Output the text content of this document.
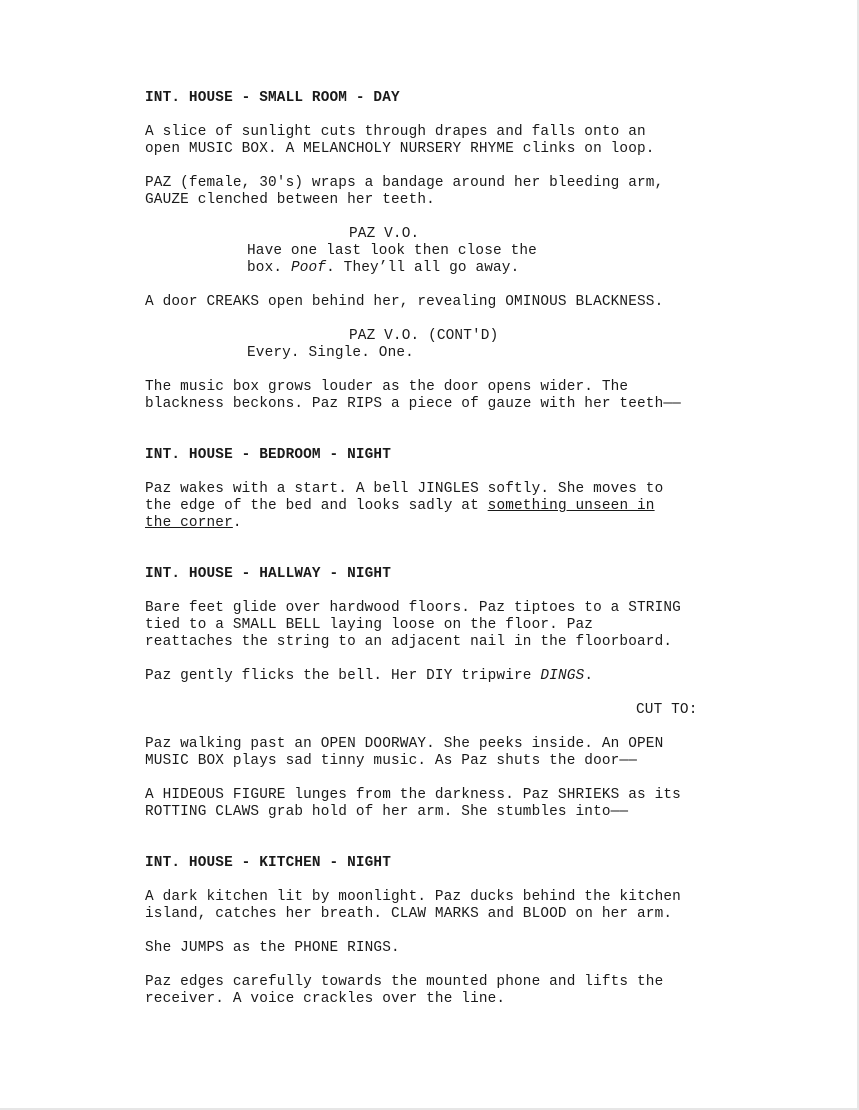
INT. HOUSE - SMALL ROOM - DAY

A slice of sunlight cuts through drapes and falls onto an
open MUSIC BOX. A MELANCHOLY NURSERY RHYME clinks on loop.

PAZ (female, 30's) wraps a bandage around her bleeding arm,
GAUZE clenched between her teeth.

PAZ V.O.

Have one last look then close the

box. Poof. They’ll all go away.

A door CREAKS open behind her, revealing OMINOUS BLACKNESS.

PAZ V.O. (CONT'D)

Every. Single. One.

The music box grows louder as the door opens wider. The
blackness beckons. Paz RIPS a piece of gauze with her teeth——

INT. HOUSE - BEDROOM - NIGHT

Paz wakes with a start. A bell JINGLES softly. She moves to
the edge of the bed and looks sadly at something unseen in
the corner.

INT. HOUSE - HALLWAY - NIGHT

Bare feet glide over hardwood floors. Paz tiptoes to a STRING
tied to a SMALL BELL laying loose on the floor. Paz
reattaches the string to an adjacent nail in the floorboard.

Paz gently flicks the bell. Her DIY tripwire DINGS.

CUT TO:

Paz walking past an OPEN DOORWAY. She peeks inside. An OPEN
MUSIC BOX plays sad tinny music. As Paz shuts the door——

A HIDEOUS FIGURE lunges from the darkness. Paz SHRIEKS as its
ROTTING CLAWS grab hold of her arm. She stumbles into——

INT. HOUSE - KITCHEN - NIGHT

A dark kitchen lit by moonlight. Paz ducks behind the kitchen
island, catches her breath. CLAW MARKS and BLOOD on her arm.

She JUMPS as the PHONE RINGS.

Paz edges carefully towards the mounted phone and lifts the
receiver. A voice crackles over the line.
